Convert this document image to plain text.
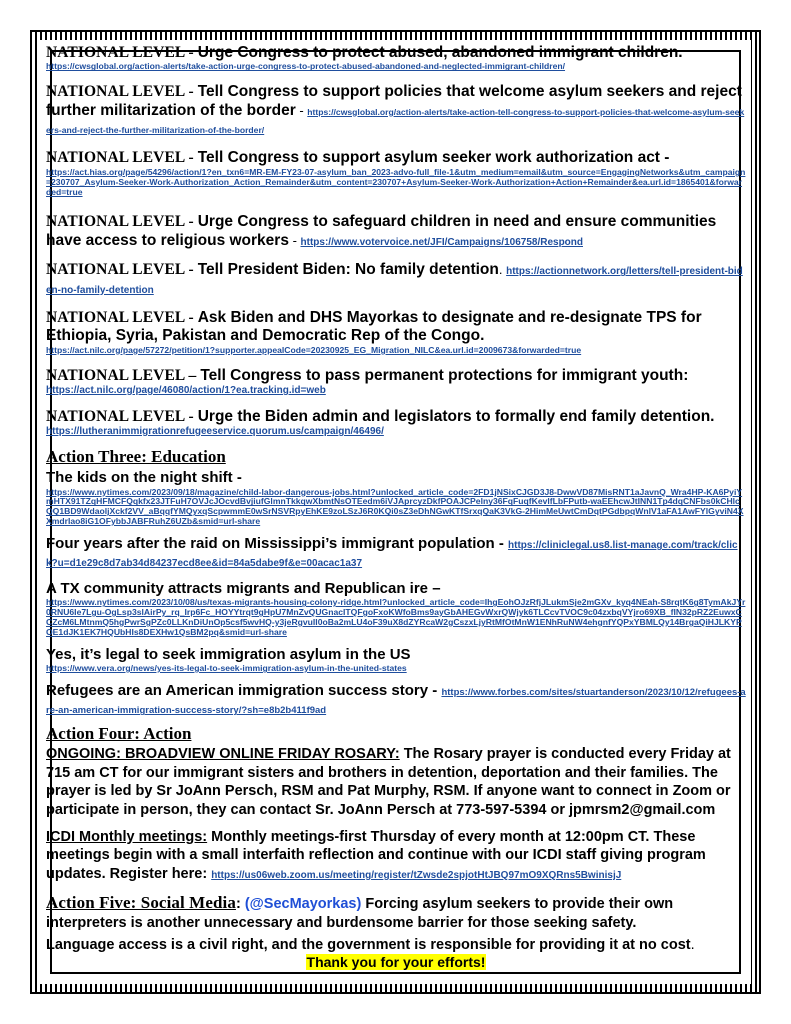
NATIONAL LEVEL - Urge Congress to protect abused, abandoned immigrant children.
https://cwsglobal.org/action-alerts/take-action-urge-congress-to-protect-abused-abandoned-and-neglected-immigrant-children/
NATIONAL LEVEL - Tell Congress to support policies that welcome asylum seekers and reject further militarization of the border - https://cwsglobal.org/action-alerts/take-action-tell-congress-to-support-policies-that-welcome-asylum-seekers-and-reject-the-further-militarization-of-the-border/
NATIONAL LEVEL - Tell Congress to support asylum seeker work authorization act -
https://act.hias.org/page/54296/action/1?en_txn6=MR-EM-FY23-07-asylum_ban_2023-advo-full_file-1&utm_medium=email&utm_source=EngagingNetworks&utm_campaign=230707_Asylum-Seeker-Work-Authorization_Action_Remainder&utm_content=230707+Asylum-Seeker-Work-Authorization+Action+Remainder&ea.url.id=1865401&forwarded=true
NATIONAL LEVEL - Urge Congress to safeguard children in need and ensure communities have access to religious workers - https://www.votervoice.net/JFI/Campaigns/106758/Respond
NATIONAL LEVEL - Tell President Biden: No family detention. https://actionnetwork.org/letters/tell-president-biden-no-family-detention
NATIONAL LEVEL - Ask Biden and DHS Mayorkas to designate and re-designate TPS for Ethiopia, Syria, Pakistan and Democratic Rep of the Congo.
https://act.nilc.org/page/57272/petition/1?supporter.appealCode=20230925_EG_Migration_NILC&ea.url.id=2009673&forwarded=true
NATIONAL LEVEL – Tell Congress to pass permanent protections for immigrant youth:
https://act.nilc.org/page/46080/action/1?ea.tracking.id=web
NATIONAL LEVEL - Urge the Biden admin and legislators to formally end family detention.
https://lutheranimmigrationrefugeeservice.quorum.us/campaign/46496/
Action Three: Education
The kids on the night shift -
https://www.nytimes.com/2023/09/18/magazine/child-labor-dangerous-jobs.html?unlocked_article_code=2FD1jNSixCJGD3J8-DwwVD87MisRNT1aJavnQ_Wra4HP-KA6PyiYmHTX91TZqHFMCFQqkfx23JTFuH7OVJcJOcvdBvjiufGlmnTkkqwXbmtNsOTEedm6iVJAprcyzDkfPOAJCPelny36FqFuqfKevlfLbFPutb-waEEhcwJtINN1Tp4dqCNFbs0kCHlcQQ1BD9WdaoljXckf2VV_aBqqfYMQyxqScpwmmE0wSrNSVRpyEhKE9zoLSzJ6R0KQi0sZ3eDhNGwKTfSrxqQaK3VkG-2HimMeUwtCmDqtPGdbpqWnlV1aFA1AwFYlGyviN4XXmdrIao8iG1OFybbJABFRuhZ6UZb&smid=url-share
Four years after the raid on Mississippi’s immigrant population - https://cliniclegal.us8.list-manage.com/track/click?u=d1e29c8d7ab34d84237ecd8ee&id=84a5dabe9f&e=00acac1a37
A TX community attracts migrants and Republican ire –
https://www.nytimes.com/2023/10/08/us/texas-migrants-housing-colony-ridge.html?unlocked_article_code=IhgEohOJzRfjJLukmSje2mGXv_kyq4NEah-S8rqtK6g8TymAkJYr0RNU6Ie7Lgu-OgLsp3slAirPy_rq_Irp6Fc_HOYYtrqt9gHpU7MnZvQUGnacITQFgoFxoKWfoBms9ayGbAHEGvWxrQWjyk6TLCcvTVOC9c04zxbqVYjro69XB_fIN32pRZ2EuwxCCZcM6LMtnmQ5hgPwrSgPZc0LLKnDiUnOp5csf5wvHQ-y3jeRgvuII0oBa2mLU4oF39uX8dZYRcaW2gCszxLjyRtMfOtMnW1ENhRuNW4ehgnfYQPxYBMLQy14BrgaQiHJLKYPOE1dJK1EK7HQUbHIs8DEXHw1QsBM2pq&smid=url-share
Yes, it’s legal to seek immigration asylum in the US
https://www.vera.org/news/yes-its-legal-to-seek-immigration-asylum-in-the-united-states
Refugees are an American immigration success story - https://www.forbes.com/sites/stuartanderson/2023/10/12/refugees-are-an-american-immigration-success-story/?sh=e8b2b411f9ad
Action Four: Action

ONGOING: BROADVIEW ONLINE FRIDAY ROSARY: The Rosary prayer is conducted every Friday at 715 am CT for our immigrant sisters and brothers in detention, deportation and their families. The prayer is led by Sr JoAnn Persch, RSM and Pat Murphy, RSM. If anyone want to connect in Zoom or participate in person, they can contact Sr. JoAnn Persch at 773-597-5394 or jpmrsm2@gmail.com

ICDI Monthly meetings: Monthly meetings-first Thursday of every month at 12:00pm CT. These meetings begin with a small interfaith reflection and continue with our ICDI staff giving program updates. Register here: https://us06web.zoom.us/meeting/register/tZwsde2spjotHtJBQ97mO9XQRns5BwinisjJ

Action Five: Social Media: (@SecMayorkas) Forcing asylum seekers to provide their own interpreters is another unnecessary and burdensome barrier for those seeking safety.

Language access is a civil right, and the government is responsible for providing it at no cost.

Thank you for your efforts!
